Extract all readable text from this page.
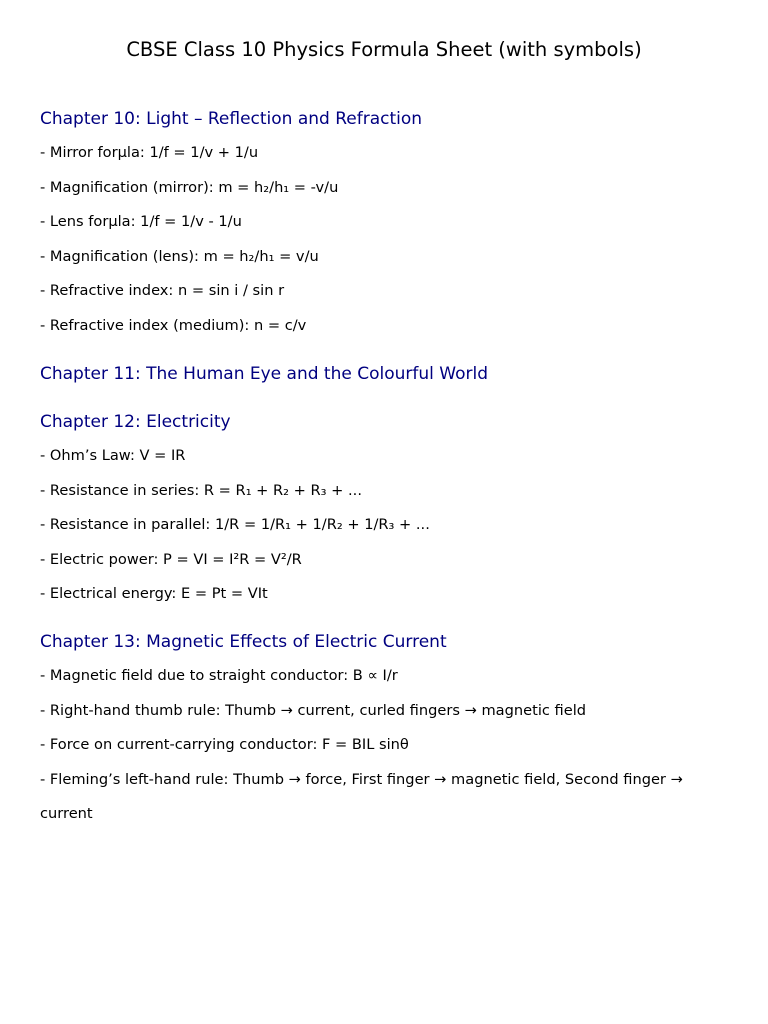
CBSE Class 10 Physics Formula Sheet (with symbols)
Chapter 10: Light – Reflection and Refraction
- Mirror forμla: 1/f = 1/v + 1/u
- Magnification (mirror): m = h₂/h₁ = -v/u
- Lens forμla: 1/f = 1/v - 1/u
- Magnification (lens): m = h₂/h₁ = v/u
- Refractive index: n = sin i / sin r
- Refractive index (medium): n = c/v
Chapter 11: The Human Eye and the Colourful World
Chapter 12: Electricity
- Ohm’s Law: V = IR
- Resistance in series: R = R₁ + R₂ + R₃ + ...
- Resistance in parallel: 1/R = 1/R₁ + 1/R₂ + 1/R₃ + ...
- Electric power: P = VI = I²R = V²/R
- Electrical energy: E = Pt = VIt
Chapter 13: Magnetic Effects of Electric Current
- Magnetic field due to straight conductor: B ∝ I/r
- Right-hand thumb rule: Thumb → current, curled fingers → magnetic field
- Force on current-carrying conductor: F = BIL sinθ
- Fleming’s left-hand rule: Thumb → force, First finger → magnetic field, Second finger → current
